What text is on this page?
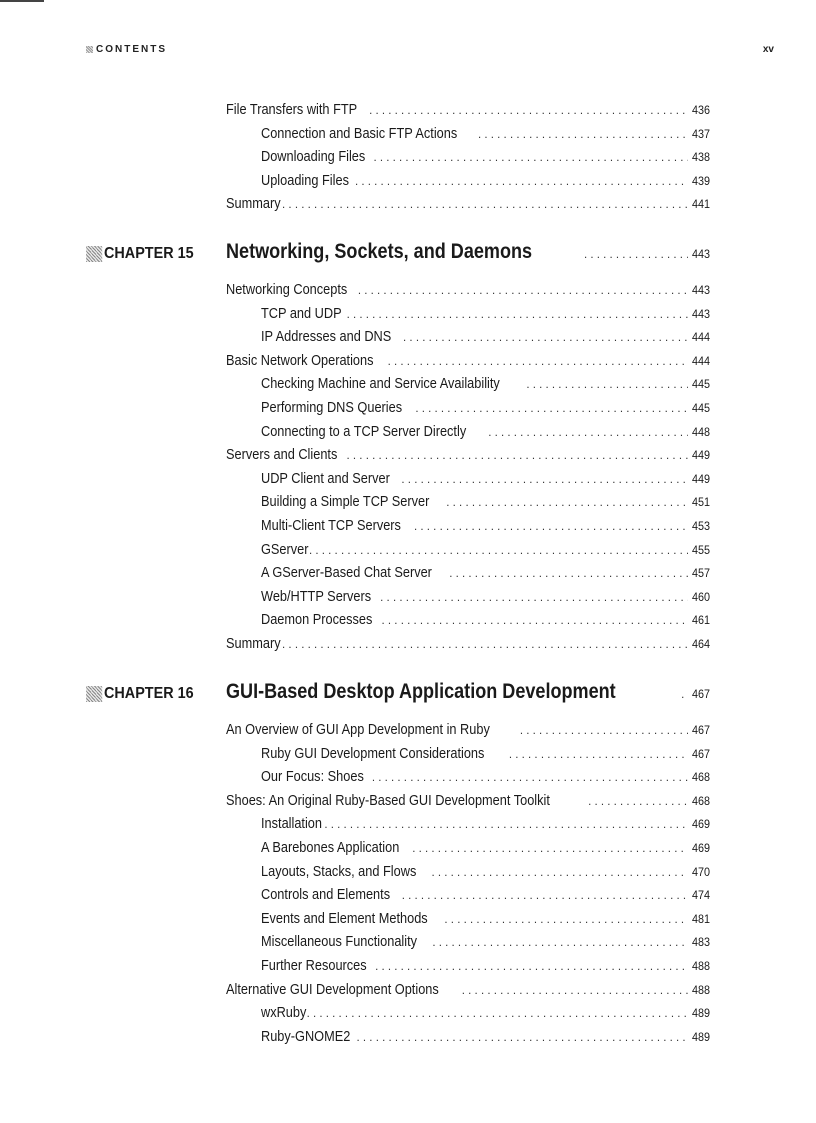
CONTENTS	xv
File Transfers with FTP . . .	436
Connection and Basic FTP Actions . . .	437
Downloading Files . . .	438
Uploading Files . . .	439
Summary . . .	441
CHAPTER 15 Networking, Sockets, and Daemons . . .	443
Networking Concepts . . .	443
TCP and UDP . . .	443
IP Addresses and DNS . . .	444
Basic Network Operations . . .	444
Checking Machine and Service Availability . . .	445
Performing DNS Queries . . .	445
Connecting to a TCP Server Directly . . .	448
Servers and Clients . . .	449
UDP Client and Server . . .	449
Building a Simple TCP Server . . .	451
Multi-Client TCP Servers . . .	453
GServer . . .	455
A GServer-Based Chat Server . . .	457
Web/HTTP Servers . . .	460
Daemon Processes . . .	461
Summary . . .	464
CHAPTER 16 GUI-Based Desktop Application Development . . .	467
An Overview of GUI App Development in Ruby . . .	467
Ruby GUI Development Considerations . . .	467
Our Focus: Shoes . . .	468
Shoes: An Original Ruby-Based GUI Development Toolkit . . .	468
Installation . . .	469
A Barebones Application . . .	469
Layouts, Stacks, and Flows . . .	470
Controls and Elements . . .	474
Events and Element Methods . . .	481
Miscellaneous Functionality . . .	483
Further Resources . . .	488
Alternative GUI Development Options . . .	488
wxRuby . . .	489
Ruby-GNOME2 . . .	489
